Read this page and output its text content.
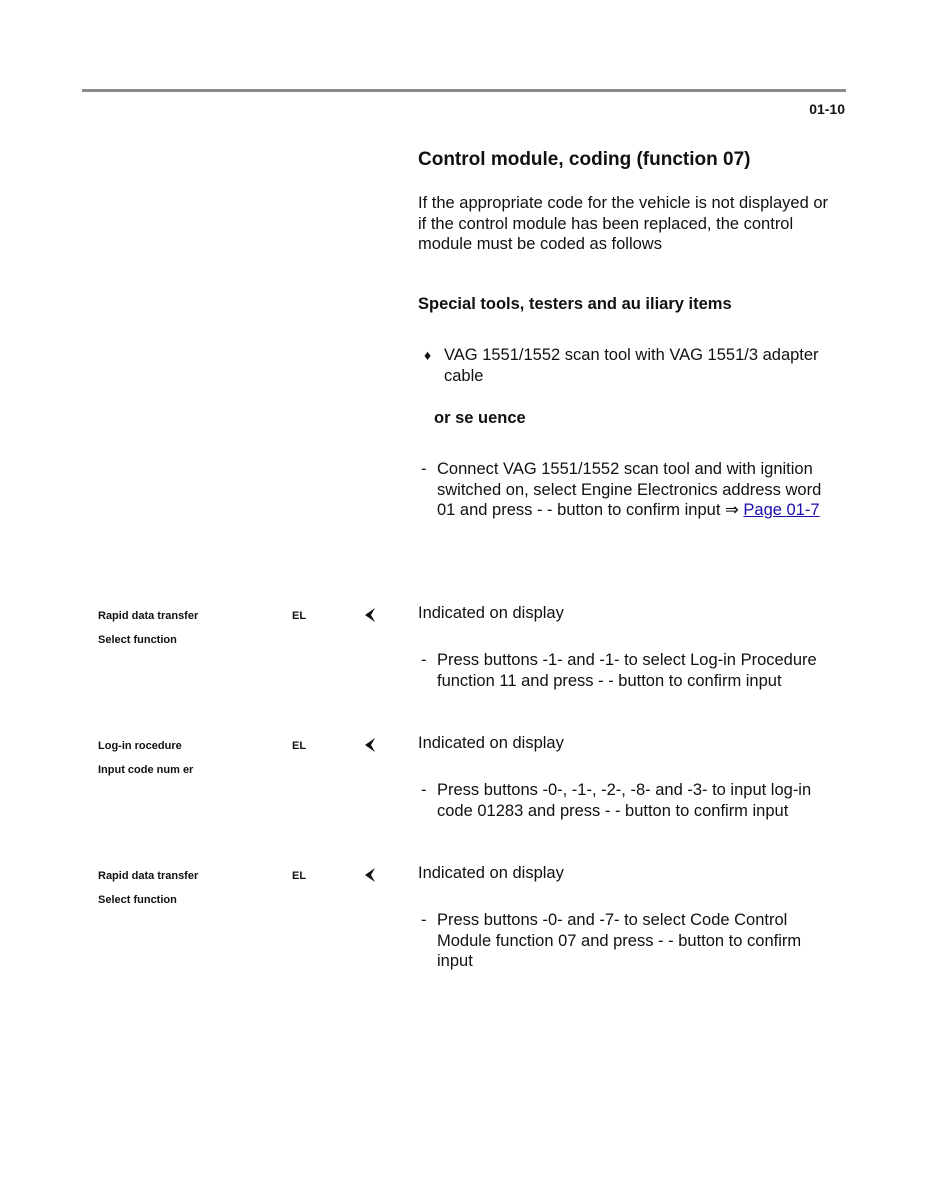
01-10
Control module, coding (function 07)
If the appropriate code for the vehicle is not displayed or if the control module has been replaced, the control module must be coded as follows
Special tools, testers and au iliary items
♦ VAG 1551/1552 scan tool with VAG 1551/3 adapter cable
or se uence
- Connect VAG 1551/1552 scan tool and with ignition switched on, select Engine Electronics address word 01 and press - - button to confirm input ⇒ Page 01-7
Rapid data transfer
Select function
EL	Indicated on display
- Press buttons -1- and -1- to select Log-in Procedure function 11 and press - - button to confirm input
Log-in rocedure
Input code num er
EL	Indicated on display
- Press buttons -0-, -1-, -2-, -8- and -3- to input log-in code 01283 and press - - button to confirm input
Rapid data transfer
Select function
EL	Indicated on display
- Press buttons -0- and -7- to select Code Control Module function 07 and press - - button to confirm input
